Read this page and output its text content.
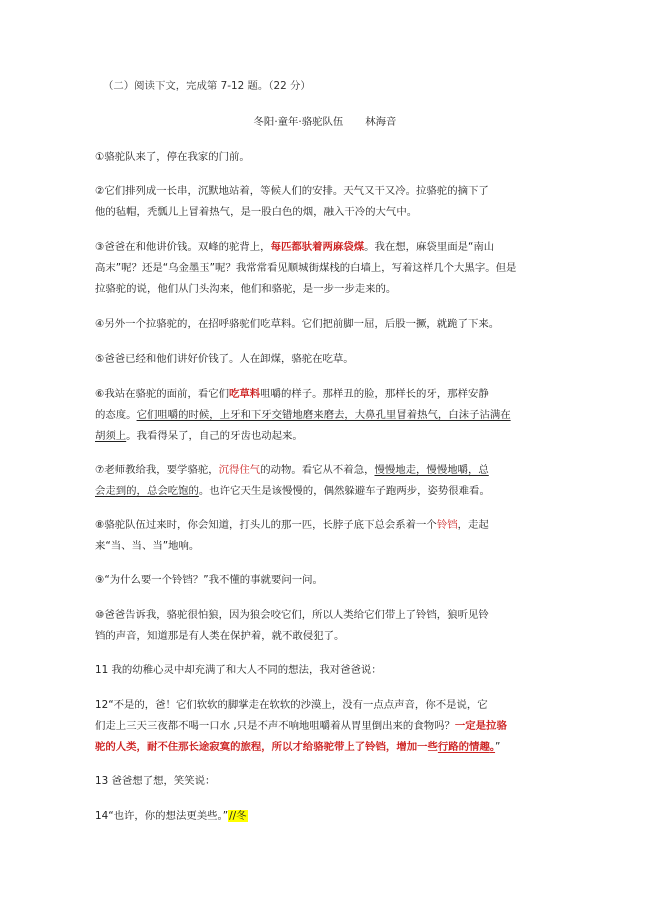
（二）阅读下文，完成第 7-12 题。（22 分）
冬阳·童年·骆驼队伍 林海音
①骆驼队来了，停在我家的门前。
②它们排列成一长串，沉默地站着，等候人们的安排。天气又干又冷。拉骆驼的摘下了
他的毡帽，秃瓢儿上冒着热气，是一股白色的烟，融入干冷的大气中。
③爸爸在和他讲价钱。双峰的驼背上，每匹都驮着两麻袋煤。我在想，麻袋里面是“南山
高末”呢？还是“乌金墨玉”呢？我常常看见顺城街煤栈的白墙上，写着这样几个大黑字。但是
拉骆驼的说，他们从门头沟来，他们和骆驼，是一步一步走来的。
④另外一个拉骆驼的，在招呼骆驼们吃草料。它们把前脚一屈，后股一撅，就跪了下来。
⑤爸爸已经和他们讲好价钱了。人在卸煤，骆驼在吃草。
⑥我站在骆驼的面前，看它们吃草料咀嚼的样子。那样丑的脸，那样长的牙，那样安静
的态度。它们咀嚼的时候，上牙和下牙交错地磨来磨去，大鼻孔里冒着热气，白沫子沾满在
胡须上。我看得呆了，自己的牙齿也动起来。
⑦老师教给我，要学骆驼，沉得住气的动物。看它从不着急，慢慢地走，慢慢地嚼，总
会走到的，总会吃饱的。也许它天生是该慢慢的，偶然躲避车子跑两步，姿势很难看。
⑧骆驼队伍过来时，你会知道，打头儿的那一匹，长脖子底下总会系着一个铃铛，走起
来“当、当、当”地响。
⑨“为什么要一个铃铛？”我不懂的事就要问一问。
⑩爸爸告诉我，骆驼很怕狼，因为狼会咬它们，所以人类给它们带上了铃铛，狼听见铃
铛的声音，知道那是有人类在保护着，就不敢侵犯了。
11 我的幼稚心灵中却充满了和大人不同的想法，我对爸爸说：
12“不是的，爸！它们软软的脚掌走在软软的沙漠上，没有一点点声音，你不是说，它
们走上三天三夜都不喝一口水 ,只是不声不响地咀嚼着从胃里倒出来的食物吗？一定是拉骆
驼的人类，耐不住那长途寂寞的旅程，所以才给骆驼带上了铃铛，增加一些行路的情趣。”
13 爸爸想了想，笑笑说：
14“也许，你的想法更美些。”//冬
